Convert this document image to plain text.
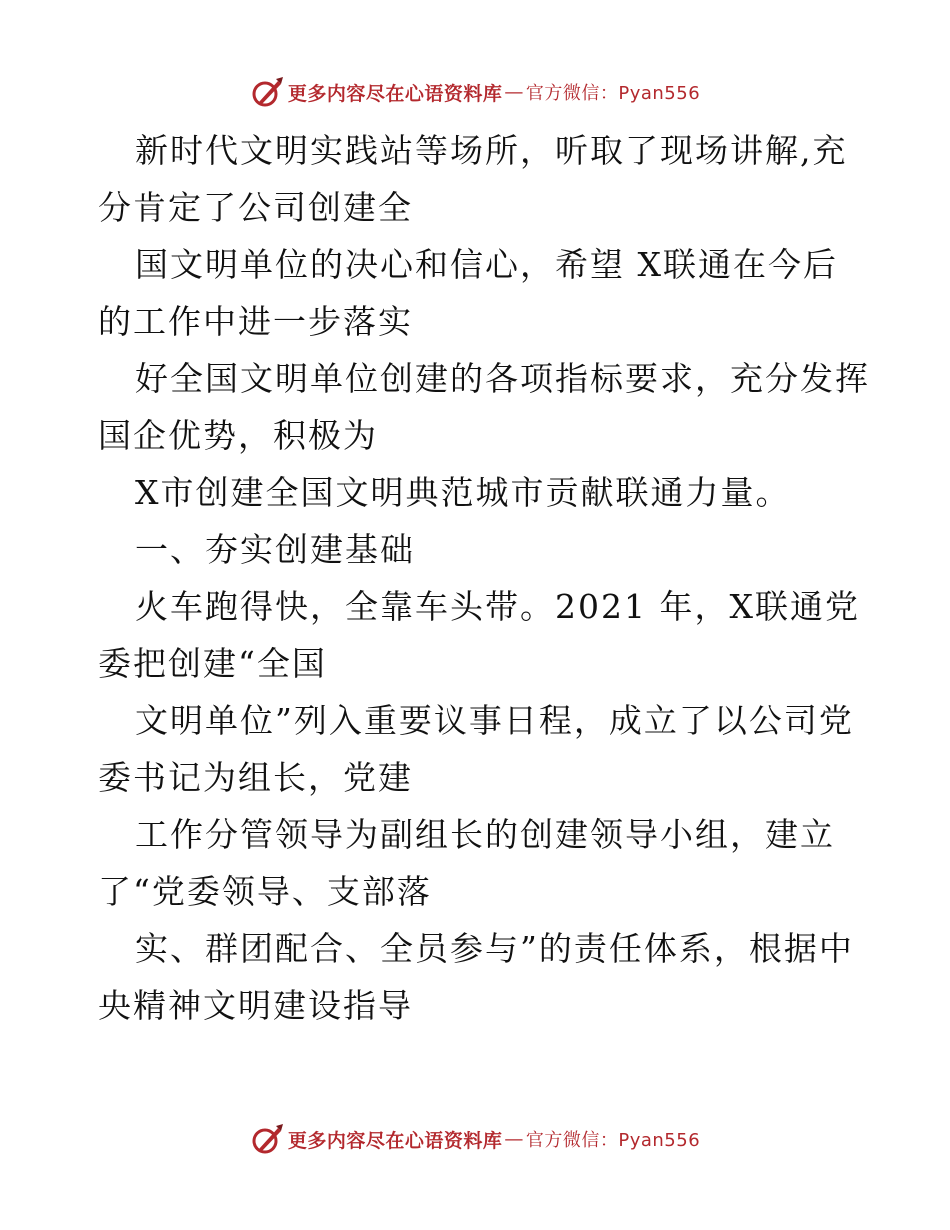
更多内容尽在心语资料库 — 官方微信：Pyan556
新时代文明实践站等场所，听取了现场讲解,充
分肯定了公司创建全
国文明单位的决心和信心，希望 X联通在今后
的工作中进一步落实
好全国文明单位创建的各项指标要求，充分发挥
国企优势，积极为
X市创建全国文明典范城市贡献联通力量。
一、夯实创建基础
火车跑得快，全靠车头带。2021 年，X联通党
委把创建“全国
文明单位”列入重要议事日程，成立了以公司党
委书记为组长，党建
工作分管领导为副组长的创建领导小组，建立
了“党委领导、支部落
实、群团配合、全员参与”的责任体系，根据中
央精神文明建设指导
更多内容尽在心语资料库 — 官方微信：Pyan556
